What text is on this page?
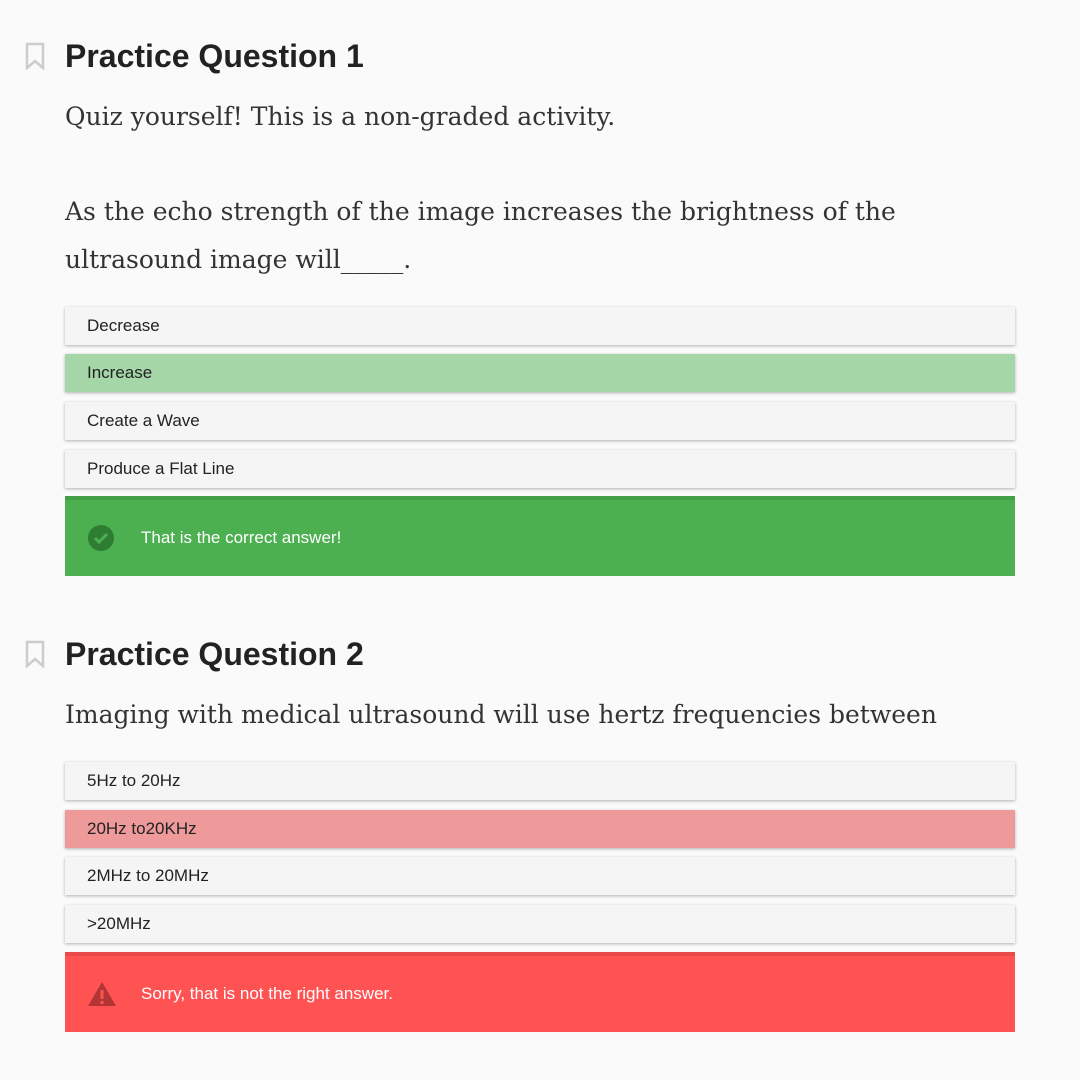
Practice Question 1

Quiz yourself! This is a non-graded activity.

As the echo strength of the image increases the brightness of the ultrasound image will_____.

Decrease
Increase
Create a Wave
Produce a Flat Line
That is the correct answer!
Practice Question 2

Imaging with medical ultrasound will use hertz frequencies between

5Hz to 20Hz
20Hz to20KHz
2MHz to 20MHz
>20MHz
Sorry, that is not the right answer.
